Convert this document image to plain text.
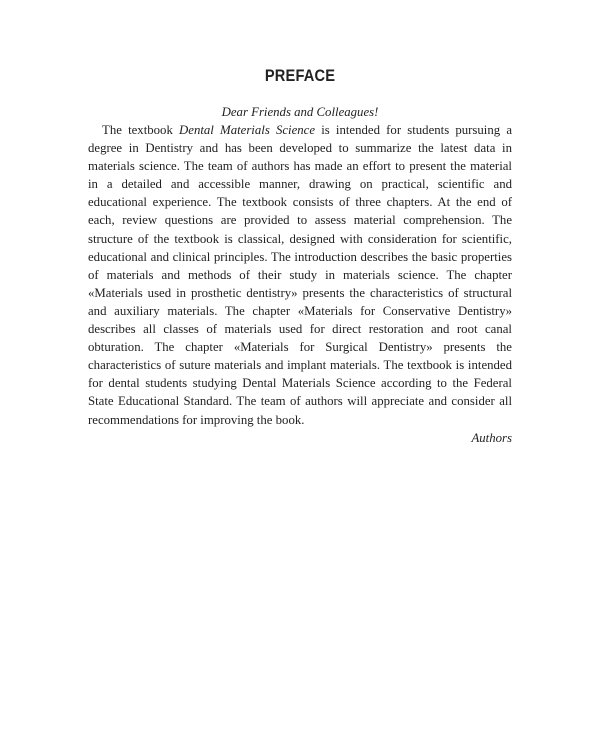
PREFACE

Dear Friends and Colleagues!

The textbook Dental Materials Science is intended for students pursuing a degree in Dentistry and has been developed to summarize the latest data in materials science. The team of authors has made an effort to present the material in a detailed and accessible manner, drawing on practical, scientific and educational experience. The textbook consists of three chapters. At the end of each, review questions are provided to assess material comprehension. The structure of the textbook is classical, designed with consideration for scientific, educational and clinical principles. The introduction describes the basic properties of materials and methods of their study in materials science. The chapter «Materials used in prosthetic dentistry» presents the characteristics of structural and auxiliary materials. The chapter «Materials for Conservative Dentistry» describes all classes of materials used for direct restoration and root canal obturation. The chapter «Materials for Surgical Dentistry» presents the characteristics of suture materials and implant materials. The textbook is intended for dental students studying Dental Materials Science according to the Federal State Educational Standard. The team of authors will appreciate and consider all recommendations for improving the book.

Authors
